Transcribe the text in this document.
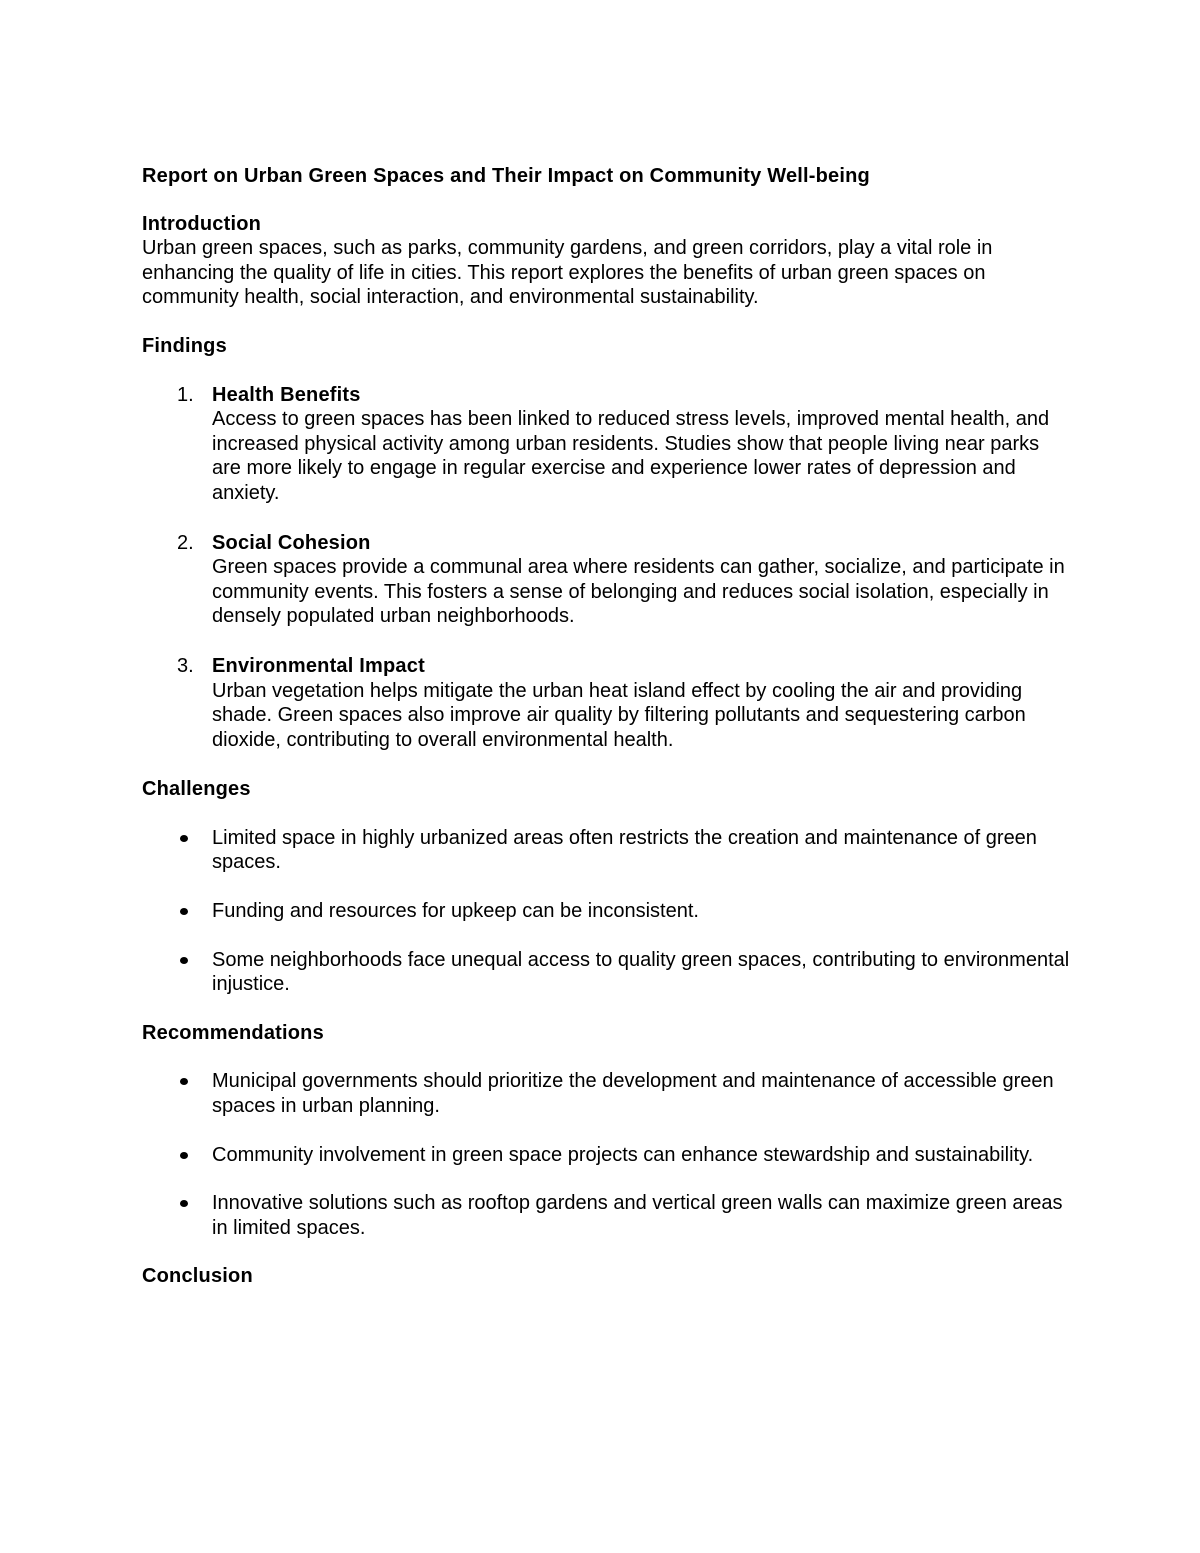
Report on Urban Green Spaces and Their Impact on Community Well-being

Introduction

Urban green spaces, such as parks, community gardens, and green corridors, play a vital role in enhancing the quality of life in cities. This report explores the benefits of urban green spaces on community health, social interaction, and environmental sustainability.

Findings

1. Health Benefits
Access to green spaces has been linked to reduced stress levels, improved mental health, and increased physical activity among urban residents. Studies show that people living near parks are more likely to engage in regular exercise and experience lower rates of depression and anxiety.
2. Social Cohesion
Green spaces provide a communal area where residents can gather, socialize, and participate in community events. This fosters a sense of belonging and reduces social isolation, especially in densely populated urban neighborhoods.
3. Environmental Impact
Urban vegetation helps mitigate the urban heat island effect by cooling the air and providing shade. Green spaces also improve air quality by filtering pollutants and sequestering carbon dioxide, contributing to overall environmental health.

Challenges

Limited space in highly urbanized areas often restricts the creation and maintenance of green spaces.
Funding and resources for upkeep can be inconsistent.
Some neighborhoods face unequal access to quality green spaces, contributing to environmental injustice.

Recommendations

Municipal governments should prioritize the development and maintenance of accessible green spaces in urban planning.
Community involvement in green space projects can enhance stewardship and sustainability.
Innovative solutions such as rooftop gardens and vertical green walls can maximize green areas in limited spaces.

Conclusion
